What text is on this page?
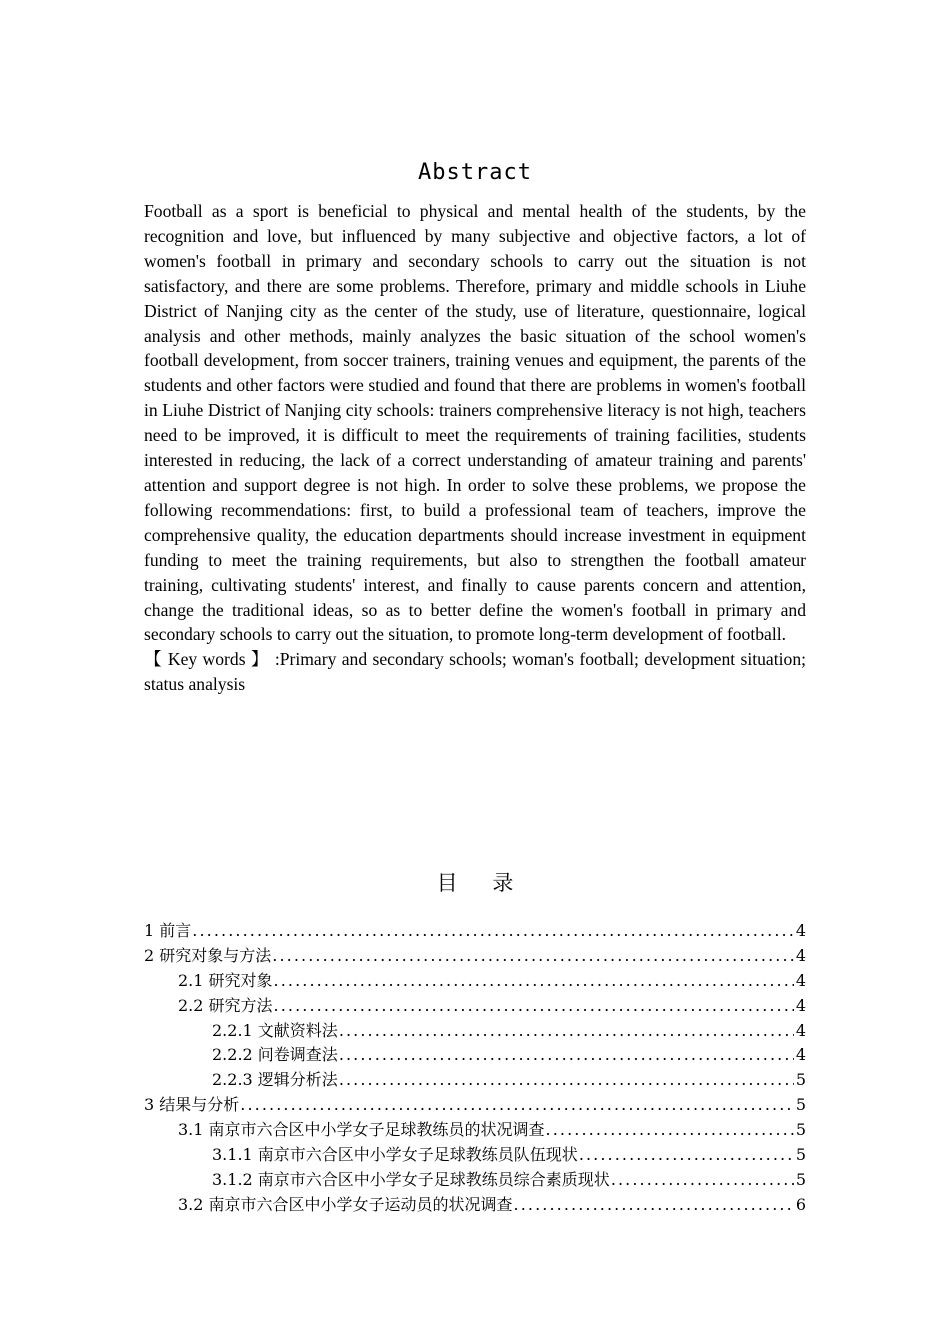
Abstract

Football as a sport is beneficial to physical and mental health of the students, by the recognition and love, but influenced by many subjective and objective factors, a lot of women's football in primary and secondary schools to carry out the situation is not satisfactory, and there are some problems. Therefore, primary and middle schools in Liuhe District of Nanjing city as the center of the study, use of literature, questionnaire, logical analysis and other methods, mainly analyzes the basic situation of the school women's football development, from soccer trainers, training venues and equipment, the parents of the students and other factors were studied and found that there are problems in women's football in Liuhe District of Nanjing city schools: trainers comprehensive literacy is not high, teachers need to be improved, it is difficult to meet the requirements of training facilities, students interested in reducing, the lack of a correct understanding of amateur training and parents' attention and support degree is not high. In order to solve these problems, we propose the following recommendations: first, to build a professional team of teachers, improve the comprehensive quality, the education departments should increase investment in equipment funding to meet the training requirements, but also to strengthen the football amateur training, cultivating students' interest, and finally to cause parents concern and attention, change the traditional ideas, so as to better define the women's football in primary and secondary schools to carry out the situation, to promote long-term development of football.

【 Key words 】 :Primary and secondary schools; woman's football; development situation; status analysis

目 录
1 前言 .....	4
2 研究对象与方法 .....	4
2.1 研究对象 .....	4
2.2 研究方法 .....	4
2.2.1 文献资料法 .....	4
2.2.2 问卷调查法 .....	4
2.2.3 逻辑分析法 .....	5
3 结果与分析 .....	5
3.1 南京市六合区中小学女子足球教练员的状况调查 .....	5
3.1.1 南京市六合区中小学女子足球教练员队伍现状 .....	5
3.1.2 南京市六合区中小学女子足球教练员综合素质现状 .....	5
3.2 南京市六合区中小学女子运动员的状况调查 .....	6
